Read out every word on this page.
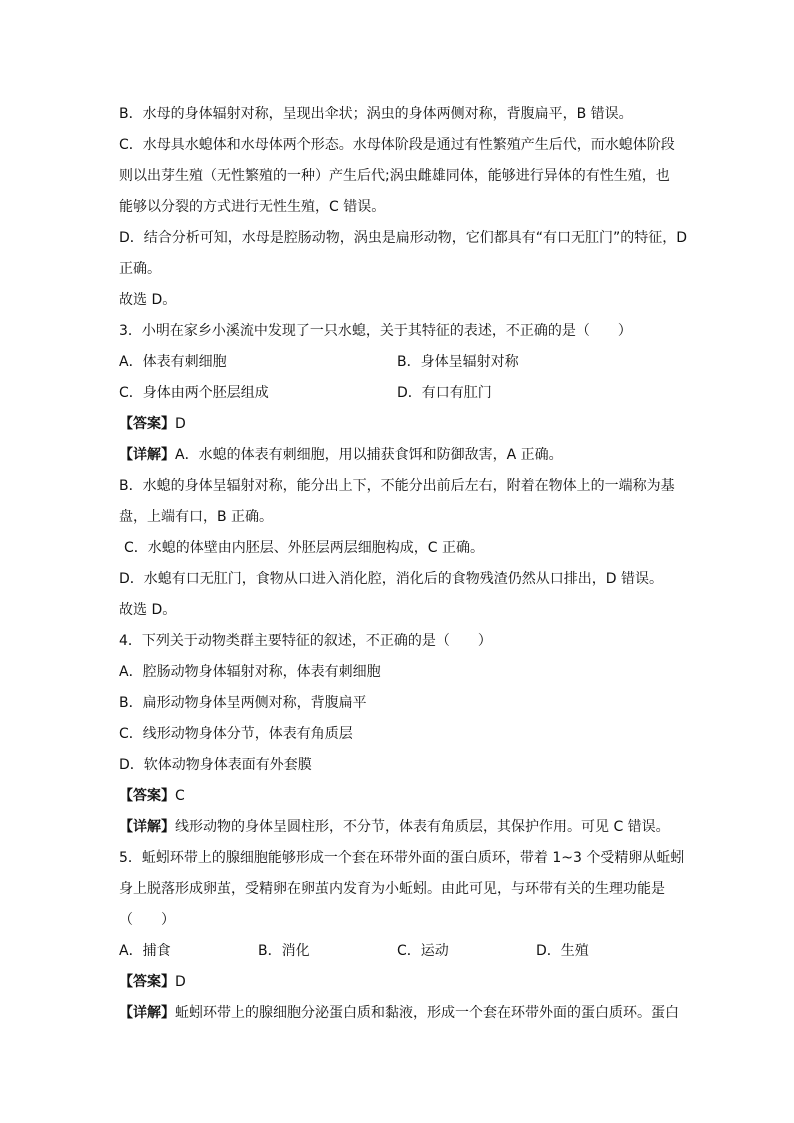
B．水母的身体辐射对称，呈现出伞状；涡虫的身体两侧对称，背腹扁平，B 错误。
C．水母具水螅体和水母体两个形态。水母体阶段是通过有性繁殖产生后代，而水螅体阶段
则以出芽生殖（无性繁殖的一种）产生后代;涡虫雌雄同体，能够进行异体的有性生殖，也
能够以分裂的方式进行无性生殖，C 错误。
D．结合分析可知，水母是腔肠动物，涡虫是扁形动物，它们都具有“有口无肛门”的特征，D
正确。
故选 D。
3．小明在家乡小溪流中发现了一只水螅，关于其特征的表述，不正确的是（　　）
A．体表有刺细胞	B．身体呈辐射对称
C．身体由两个胚层组成	D．有口有肛门
【答案】D
【详解】A．水螅的体表有刺细胞，用以捕获食饵和防御敌害，A 正确。
B．水螅的身体呈辐射对称，能分出上下，不能分出前后左右，附着在物体上的一端称为基
盘，上端有口，B 正确。
C．水螅的体壁由内胚层、外胚层两层细胞构成，C 正确。
D．水螅有口无肛门，食物从口进入消化腔，消化后的食物残渣仍然从口排出，D 错误。
故选 D。
4．下列关于动物类群主要特征的叙述，不正确的是（　　）
A．腔肠动物身体辐射对称，体表有刺细胞
B．扁形动物身体呈两侧对称，背腹扁平
C．线形动物身体分节，体表有角质层
D．软体动物身体表面有外套膜
【答案】C
【详解】线形动物的身体呈圆柱形，不分节，体表有角质层，其保护作用。可见 C 错误。
5．蚯蚓环带上的腺细胞能够形成一个套在环带外面的蛋白质环，带着 1~3 个受精卵从蚯蚓
身上脱落形成卵茧，受精卵在卵茧内发育为小蚯蚓。由此可见，与环带有关的生理功能是
（　　）
A．捕食	B．消化	C．运动	D．生殖
【答案】D
【详解】蚯蚓环带上的腺细胞分泌蛋白质和黏液，形成一个套在环带外面的蛋白质环。蛋白
